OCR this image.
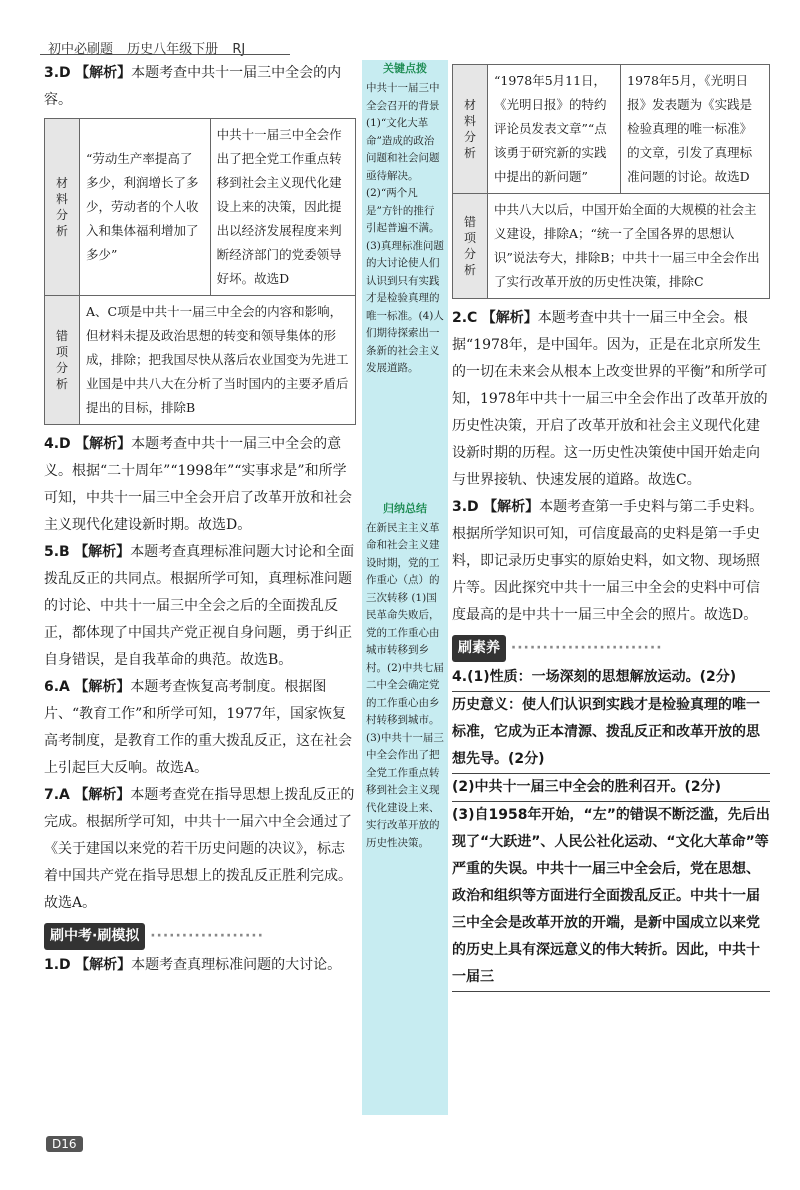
初中必刷题 历史八年级下册 RJ

3.D 【解析】本题考查中共十一届三中全会的内容。

材料分析	“劳动生产率提高了多少，利润增长了多少，劳动者的个人收入和集体福利增加了多少”	中共十一届三中全会作出了把全党工作重点转移到社会主义现代化建设上来的决策，因此提出以经济发展程度来判断经济部门的党委领导好坏。故选D
错项分析	A、C项是中共十一届三中全会的内容和影响，但材料未提及政治思想的转变和领导集体的形成，排除；把我国尽快从落后农业国变为先进工业国是中共八大在分析了当时国内的主要矛盾后提出的目标，排除B	

4.D 【解析】本题考查中共十一届三中全会的意义。根据“二十周年”“1998年”“实事求是”和所学可知，中共十一届三中全会开启了改革开放和社会主义现代化建设新时期。故选D。

5.B 【解析】本题考查真理标准问题大讨论和全面拨乱反正的共同点。根据所学可知，真理标准问题的讨论、中共十一届三中全会之后的全面拨乱反正，都体现了中国共产党正视自身问题，勇于纠正自身错误，是自我革命的典范。故选B。

6.A 【解析】本题考查恢复高考制度。根据图片、“教育工作”和所学可知，1977年，国家恢复高考制度，是教育工作的重大拨乱反正，这在社会上引起巨大反响。故选A。

7.A 【解析】本题考查党在指导思想上拨乱反正的完成。根据所学可知，中共十一届六中全会通过了《关于建国以来党的若干历史问题的决议》，标志着中国共产党在指导思想上的拨乱反正胜利完成。故选A。

刷中考·刷模拟 ··················

1.D 【解析】本题考查真理标准问题的大讨论。

关键点拨
中共十一届三中全会召开的背景 (1)“文化大革命”造成的政治问题和社会问题亟待解决。(2)“两个凡是”方针的推行引起普遍不满。(3)真理标准问题的大讨论使人们认识到只有实践才是检验真理的唯一标准。(4)人们期待探索出一条新的社会主义发展道路。
归纳总结
在新民主主义革命和社会主义建设时期，党的工作重心（点）的三次转移 (1)国民革命失败后，党的工作重心由城市转移到乡村。(2)中共七届二中全会确定党的工作重心由乡村转移到城市。(3)中共十一届三中全会作出了把全党工作重点转移到社会主义现代化建设上来、实行改革开放的历史性决策。
材料分析	“1978年5月11日，《光明日报》的特约评论员发表文章”“点该勇于研究新的实践中提出的新问题”	1978年5月，《光明日报》发表题为《实践是检验真理的唯一标准》的文章，引发了真理标准问题的讨论。故选D
错项分析	中共八大以后，中国开始全面的大规模的社会主义建设，排除A；“统一了全国各界的思想认识”说法夸大，排除B；中共十一届三中全会作出了实行改革开放的历史性决策，排除C	

2.C 【解析】本题考查中共十一届三中全会。根据“1978年，是中国年。因为，正是在北京所发生的一切在未来会从根本上改变世界的平衡”和所学可知，1978年中共十一届三中全会作出了改革开放的历史性决策，开启了改革开放和社会主义现代化建设新时期的历程。这一历史性决策使中国开始走向与世界接轨、快速发展的道路。故选C。

3.D 【解析】本题考查第一手史料与第二手史料。根据所学知识可知，可信度最高的史料是第一手史料，即记录历史事实的原始史料，如文物、现场照片等。因此探究中共十一届三中全会的史料中可信度最高的是中共十一届三中全会的照片。故选D。

刷素养 ························

4.(1)性质：一场深刻的思想解放运动。(2分)

历史意义：使人们认识到实践才是检验真理的唯一标准，它成为正本清源、拨乱反正和改革开放的思想先导。(2分)

(2)中共十一届三中全会的胜利召开。(2分)

(3)自1958年开始，“左”的错误不断泛滥，先后出现了“大跃进”、人民公社化运动、“文化大革命”等严重的失误。中共十一届三中全会后，党在思想、政治和组织等方面进行全面拨乱反正。中共十一届三中全会是改革开放的开端，是新中国成立以来党的历史上具有深远意义的伟大转折。因此，中共十一届三

D16
